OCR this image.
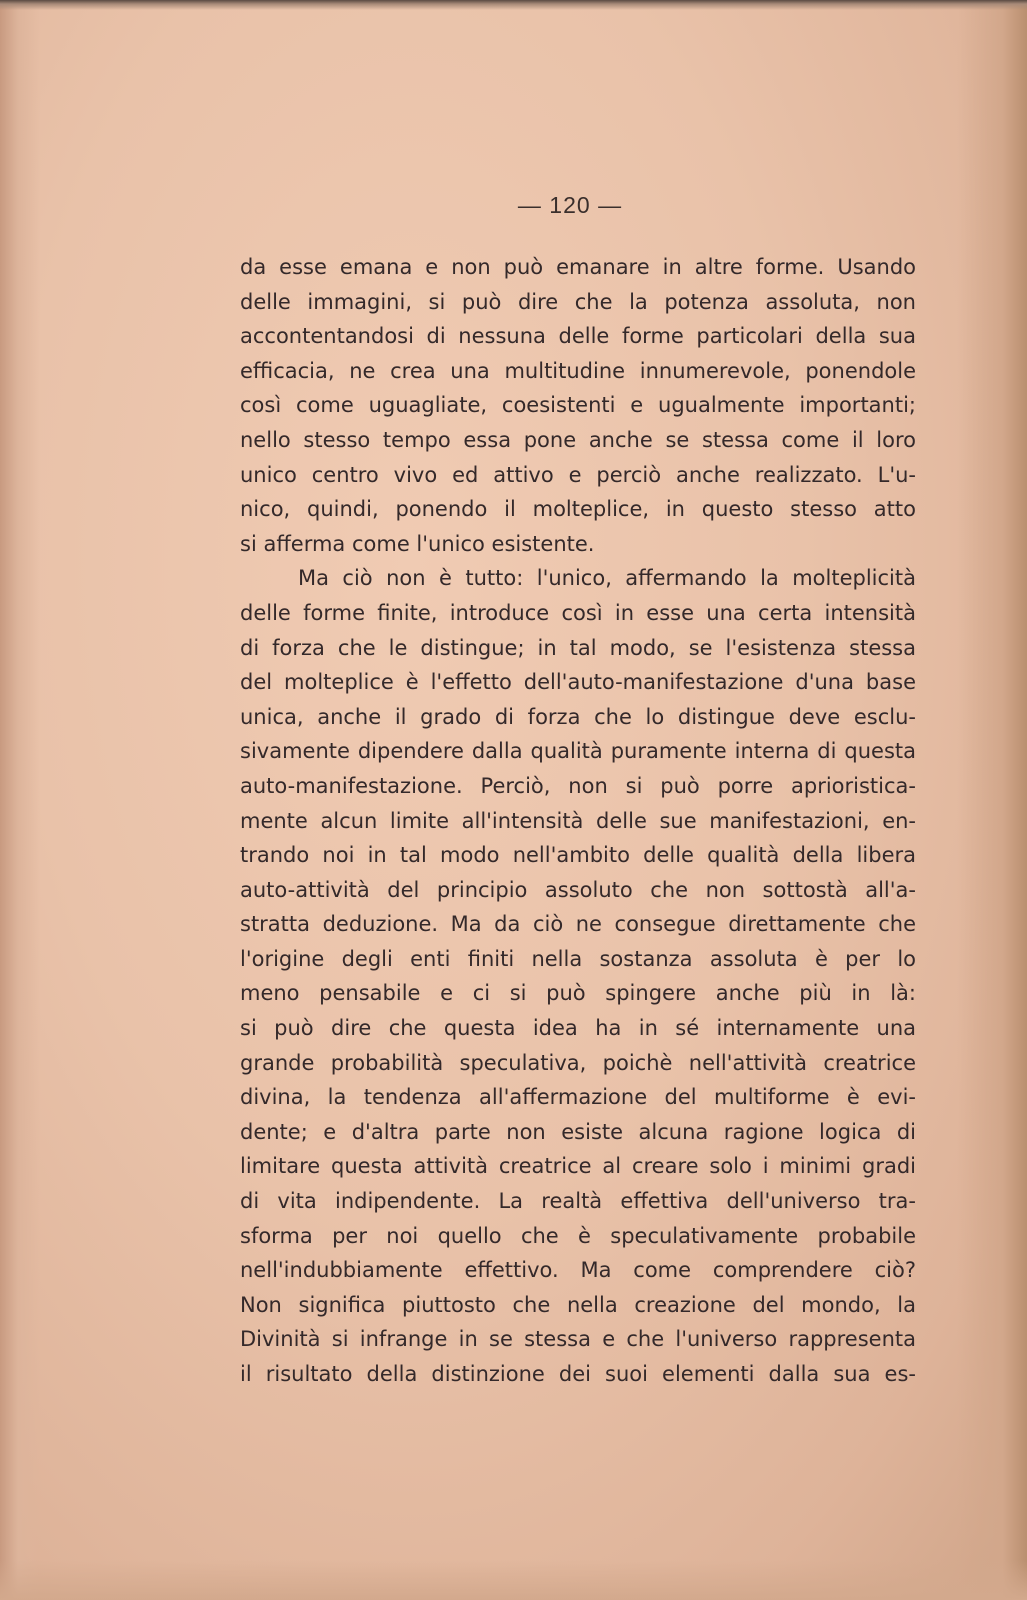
— 120 —
da esse emana e non può emanare in altre forme. Usando
delle immagini, si può dire che la potenza assoluta, non
accontentandosi di nessuna delle forme particolari della sua
efficacia, ne crea una multitudine innumerevole, ponendole
così come uguagliate, coesistenti e ugualmente importanti;
nello stesso tempo essa pone anche se stessa come il loro
unico centro vivo ed attivo e perciò anche realizzato. L'u-
nico, quindi, ponendo il molteplice, in questo stesso atto
si afferma come l'unico esistente.
Ma ciò non è tutto: l'unico, affermando la molteplicità
delle forme finite, introduce così in esse una certa intensità
di forza che le distingue; in tal modo, se l'esistenza stessa
del molteplice è l'effetto dell'auto-manifestazione d'una base
unica, anche il grado di forza che lo distingue deve esclu-
sivamente dipendere dalla qualità puramente interna di questa
auto-manifestazione. Perciò, non si può porre aprioristica-
mente alcun limite all'intensità delle sue manifestazioni, en-
trando noi in tal modo nell'ambito delle qualità della libera
auto-attività del principio assoluto che non sottostà all'a-
stratta deduzione. Ma da ciò ne consegue direttamente che
l'origine degli enti finiti nella sostanza assoluta è per lo
meno pensabile e ci si può spingere anche più in là:
si può dire che questa idea ha in sé internamente una
grande probabilità speculativa, poichè nell'attività creatrice
divina, la tendenza all'affermazione del multiforme è evi-
dente; e d'altra parte non esiste alcuna ragione logica di
limitare questa attività creatrice al creare solo i minimi gradi
di vita indipendente. La realtà effettiva dell'universo tra-
sforma per noi quello che è speculativamente probabile
nell'indubbiamente effettivo. Ma come comprendere ciò?
Non significa piuttosto che nella creazione del mondo, la
Divinità si infrange in se stessa e che l'universo rappresenta
il risultato della distinzione dei suoi elementi dalla sua es-
